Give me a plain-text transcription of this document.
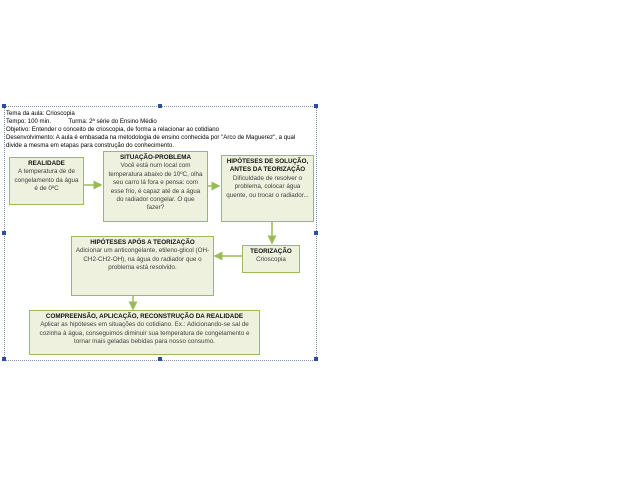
Tema da aula: Crioscopia
Tempo: 100 min.	Turma: 2ª série do Ensino Médio
Objetivo: Entender o conceito de crioscopia, de forma a relacionar ao cotidiano
Desenvolvimento: A aula é embasada na metodologia de ensino conhecida por "Arco de Maguerez", a qual divide a mesma em etapas para construção do conhecimento.
REALIDADE
A temperatura de de congelamento da água é de 0ºC
SITUAÇÃO-PROBLEMA
Você está num local com temperatura abaixo de 10ºC, olha seu carro lá fora e pensa: com esse frio, é capaz até de a água do radiador congelar. O que fazer?
HIPÓTESES DE SOLUÇÃO, ANTES DA TEORIZAÇÃO
Dificuldade de resolver o problema, colocar água quente, ou trocar o radiador...
TEORIZAÇÃO
Crioscopia
HIPÓTESES APÓS A TEORIZAÇÃO
Adicionar um anticongelante, etileno-glicol (OH-CH2-CH2-OH), na água do radiador que o problema está resolvido.
COMPREENSÃO, APLICAÇÃO, RECONSTRUÇÃO DA REALIDADE
Aplicar as hipóteses em situações do cotidiano. Ex.: Adicionando-se sal de cozinha à água, conseguimos diminuir sua temperatura de congelamento e tornar mais geladas bebidas para nosso consumo.
